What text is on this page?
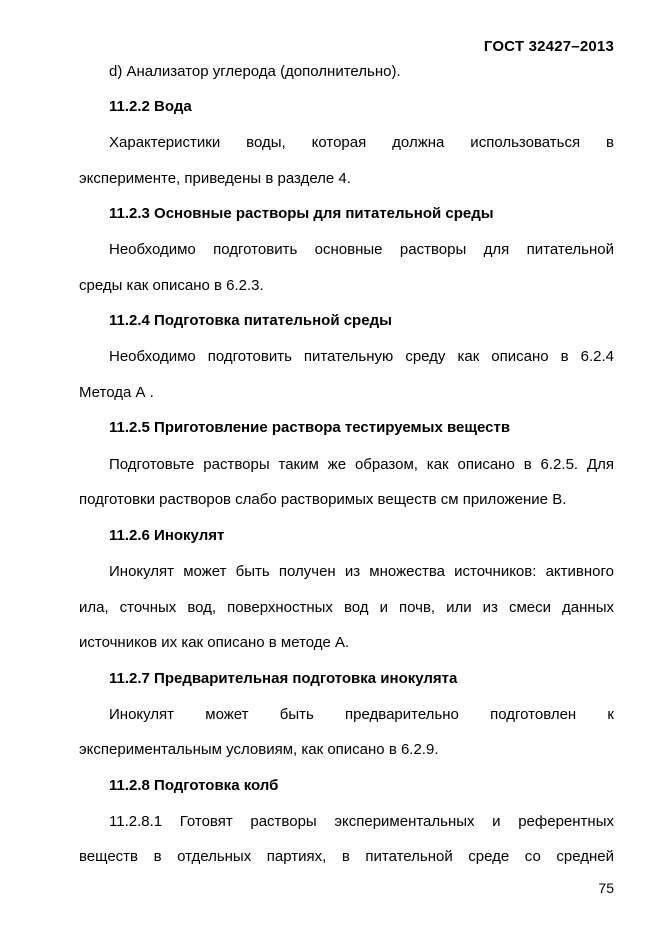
ГОСТ 32427–2013
d) Анализатор углерода (дополнительно).
11.2.2 Вода
Характеристики воды, которая должна использоваться в
эксперименте, приведены в разделе 4.
11.2.3 Основные растворы для питательной среды
Необходимо подготовить основные растворы для питательной
среды как описано в 6.2.3.
11.2.4 Подготовка питательной среды
Необходимо подготовить питательную среду как описано в 6.2.4
Метода А .
11.2.5 Приготовление раствора тестируемых веществ
Подготовьте растворы таким же образом, как описано в 6.2.5. Для
подготовки растворов слабо растворимых веществ см приложение В.
11.2.6 Инокулят
Инокулят может быть получен из множества источников: активного
ила, сточных вод, поверхностных вод и почв, или из смеси данных
источников их как описано в методе А.
11.2.7 Предварительная подготовка инокулята
Инокулят может быть предварительно подготовлен к
экспериментальным условиям, как описано в 6.2.9.
11.2.8 Подготовка колб
11.2.8.1 Готовят растворы экспериментальных и референтных
веществ в отдельных партиях, в питательной среде со средней
75
